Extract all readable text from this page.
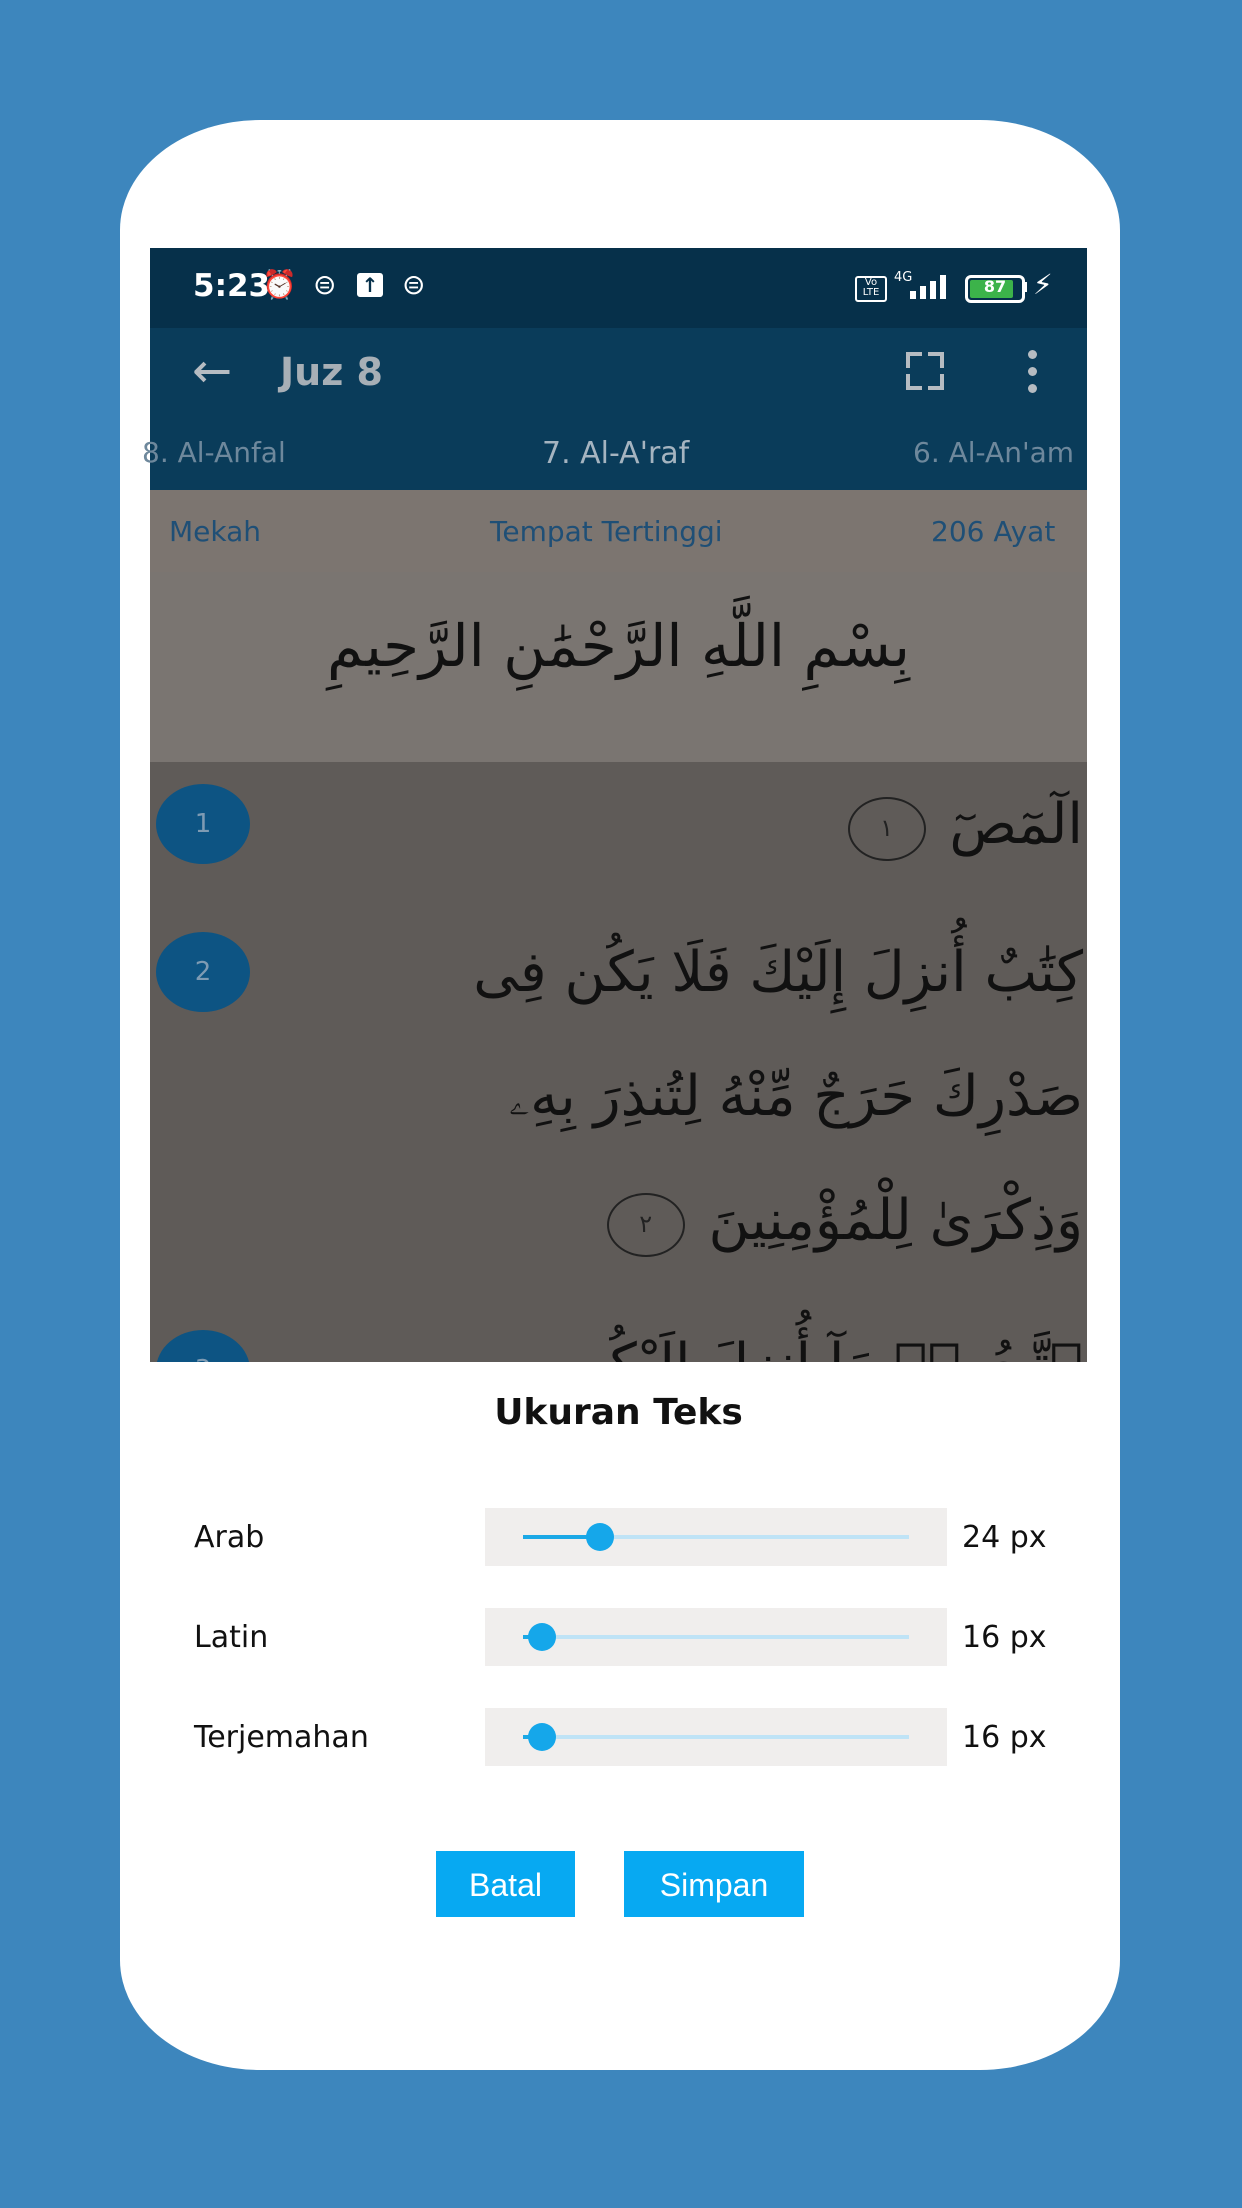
5:23
⏰ ⊜ ↑ ⊜	Vo LTE
4G	87 ⚡
← Juz 8
8. Al-Anfal	7. Al-A'raf	6. Al-An'am
Mekah	Tempat Tertinggi	206 Ayat
بِسْمِ اللَّهِ الرَّحْمَٰنِ الرَّحِيمِ
1	الٓمٓصٓ ١
2	كِتَٰبٌ أُنزِلَ إِلَيْكَ فَلَا يَكُن فِى
صَدْرِكَ حَرَجٌ مِّنْهُ لِتُنذِرَ بِهِۦ
وَذِكْرَىٰ لِلْمُؤْمِنِينَ ٢
Ukuran Teks
Arab	24 px
Latin	16 px
Terjemahan	16 px
Batal	Simpan
